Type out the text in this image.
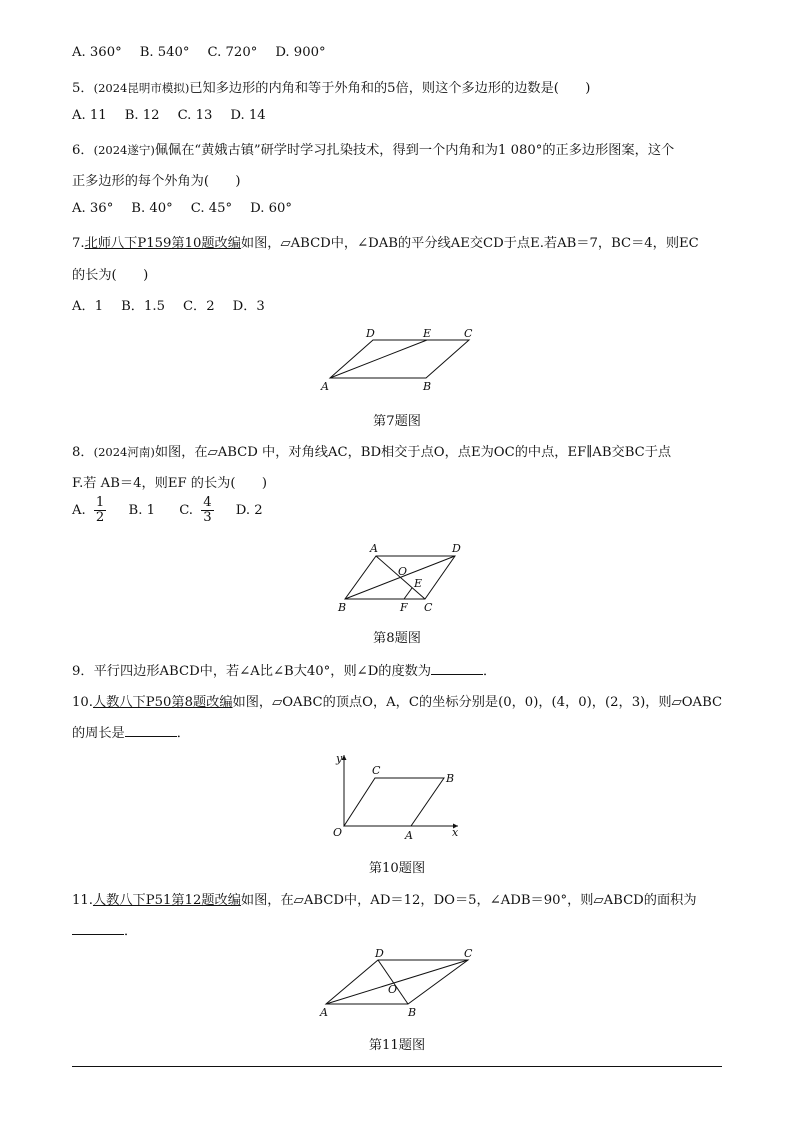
A. 360° B. 540° C. 720° D. 900°
5．(2024昆明市模拟)已知多边形的内角和等于外角和的5倍，则这个多边形的边数是(　　)
A. 11 B. 12 C. 13 D. 14
6．(2024遂宁)佩佩在“黄娥古镇”研学时学习扎染技术，得到一个内角和为1 080°的正多边形图案，这个
正多边形的每个外角为(　　)
A. 36° B. 40° C. 45° D. 60°
7.北师八下P159第10题改编如图，▱ABCD中，∠DAB的平分线AE交CD于点E.若AB＝7，BC＝4，则EC
的长为(　　)
A．1 B．1.5 C．2 D．3
A	B
C
D	E
第7题图
8．(2024河南)如图，在▱ABCD 中，对角线AC，BD相交于点O，点E为OC的中点，EF∥AB交BC于点
F.若 AB＝4，则EF 的长为(　　)
A. $\frac{1}{2} B$. 1 C. $\frac{4}{3} D$. 2
A	D
B	C
O
E
F
第8题图
9．平行四边形ABCD中，若∠A比∠B大40°，则∠D的度数为	．
10.人教八下P50第8题改编如图，▱OABC的顶点O，A，C的坐标分别是(0，0)，(4，0)，(2，3)，则▱OABC
的周长是	．
O	A
B
C
x
y
第10题图
11.人教八下P51第12题改编如图，在▱ABCD中，AD＝12，DO＝5，∠ADB＝90°，则▱ABCD的面积为
．
A	B
C
D
O
第11题图
